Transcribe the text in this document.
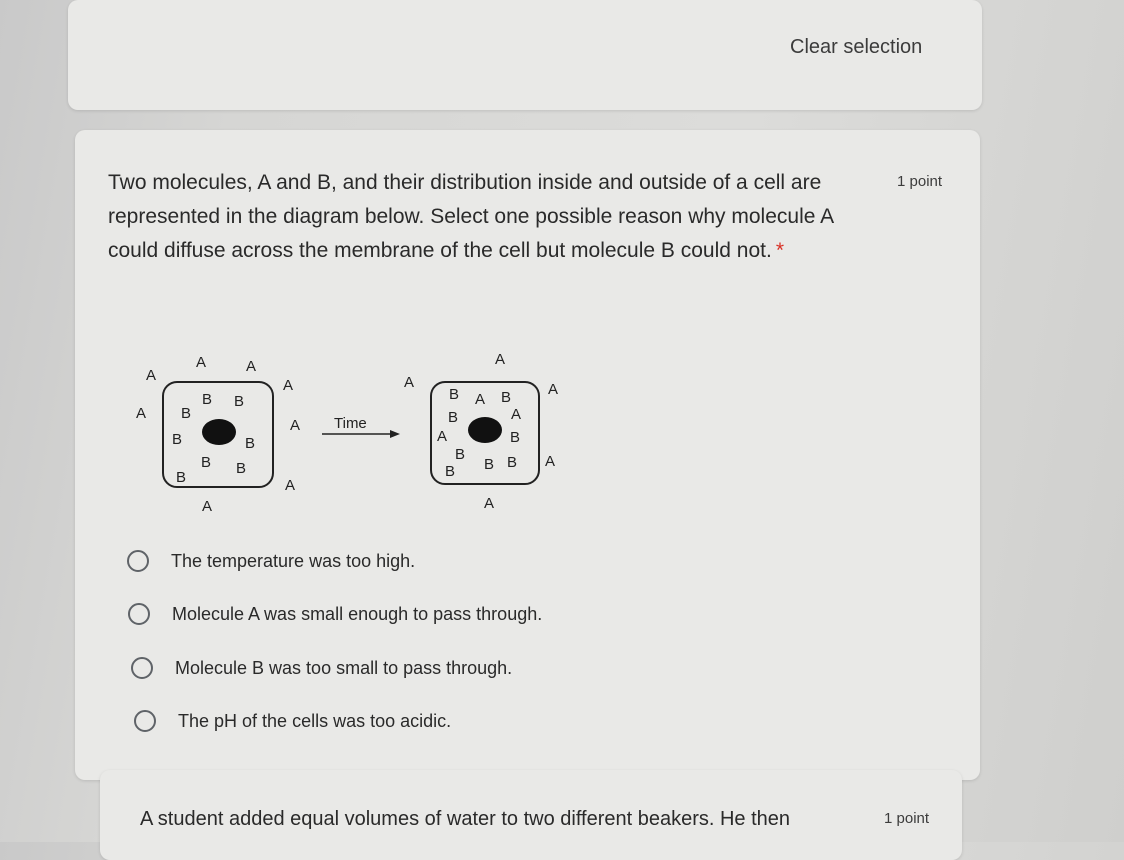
Clear selection

Two molecules, A and B, and their distribution inside and outside of a cell are represented in the diagram below. Select one possible reason why molecule A could diffuse across the membrane of the cell but molecule B could not. *

1 point
A
A	A
A
A
A
A
A
B B
B
B	B
B B
B
Time
A
A	A
A
A
B A B
B	A
A	B
B
B B B
The temperature was too high.
Molecule A was small enough to pass through.
Molecule B was too small to pass through.
The pH of the cells was too acidic.
A student added equal volumes of water to two different beakers. He then	1 point
